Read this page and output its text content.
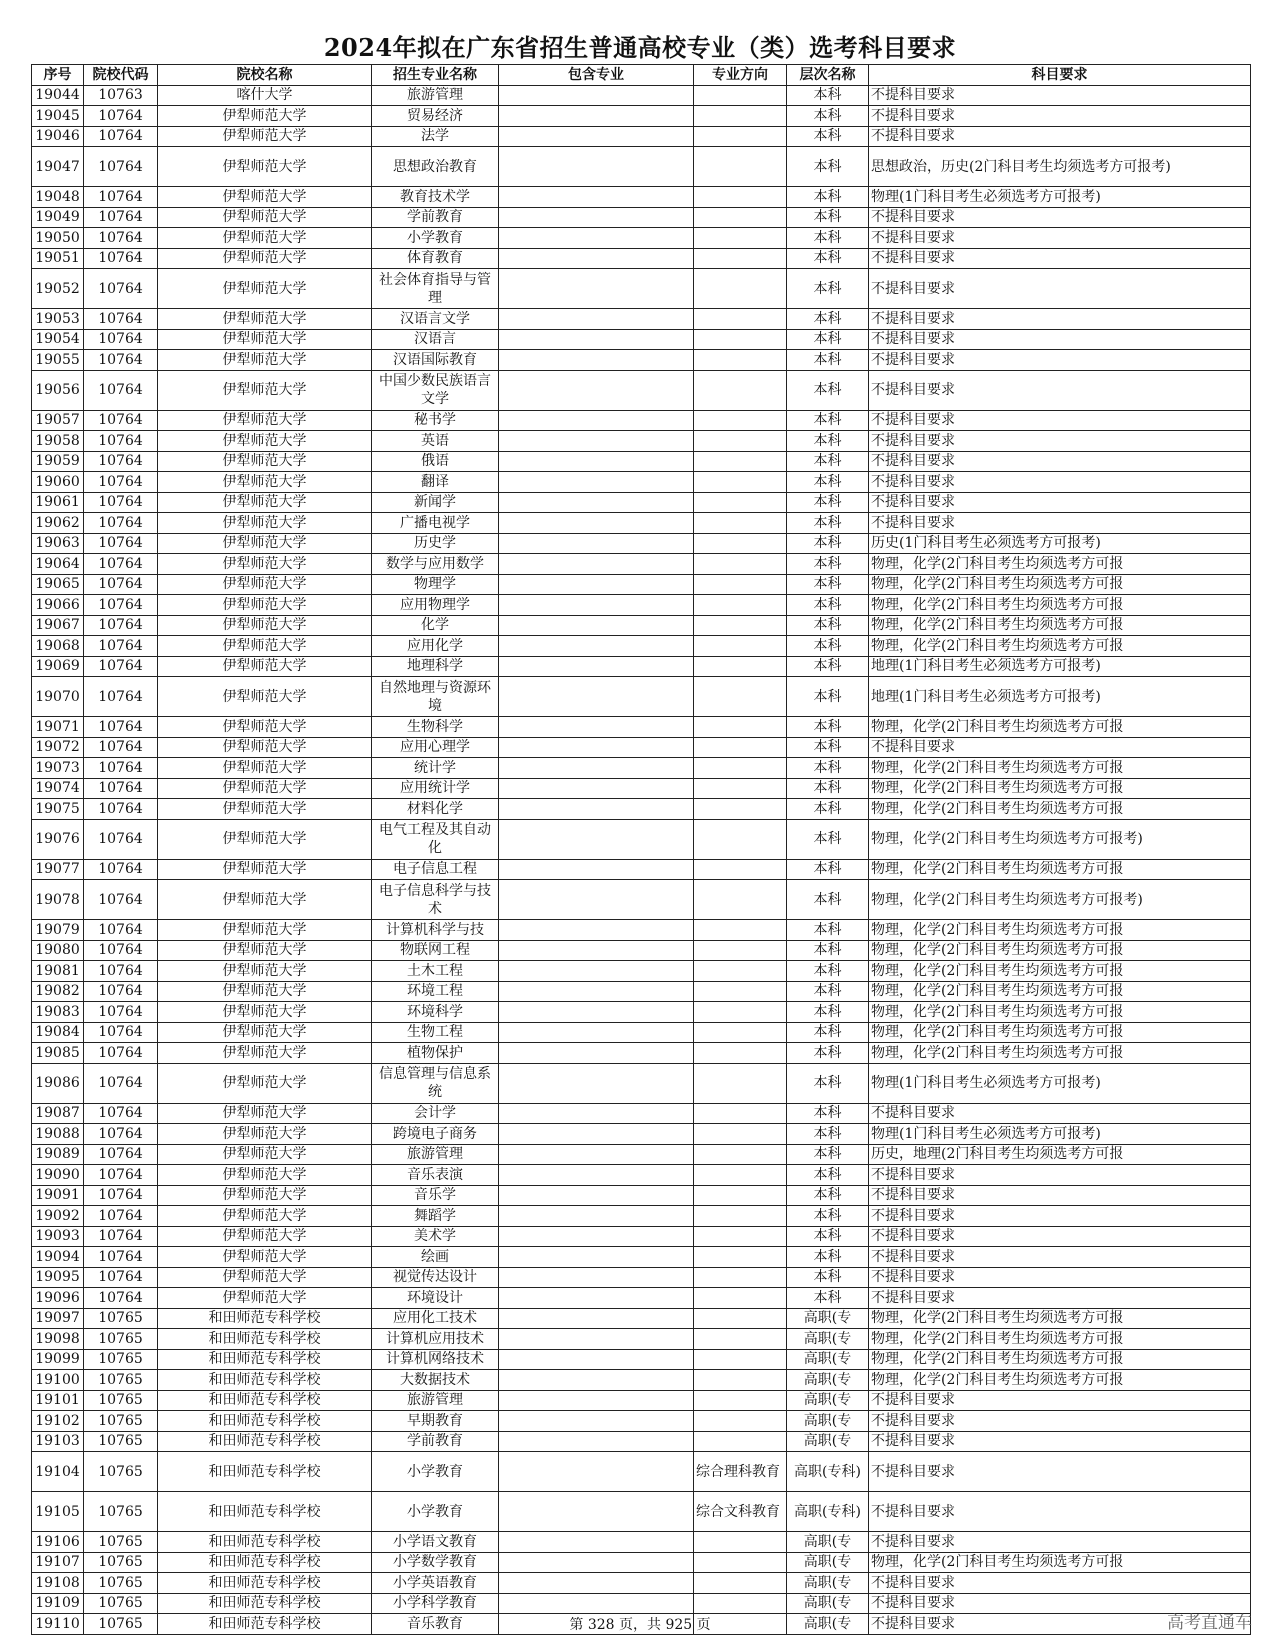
2024年拟在广东省招生普通高校专业（类）选考科目要求
序号	院校代码	院校名称	招生专业名称	包含专业	专业方向	层次名称	科目要求
19044	10763	喀什大学	旅游管理			本科	不提科目要求
19045	10764	伊犁师范大学	贸易经济			本科	不提科目要求
19046	10764	伊犁师范大学	法学			本科	不提科目要求
19047	10764	伊犁师范大学	思想政治教育			本科	思想政治，历史(2门科目考生均须选考方可报考)
19048	10764	伊犁师范大学	教育技术学			本科	物理(1门科目考生必须选考方可报考)
19049	10764	伊犁师范大学	学前教育			本科	不提科目要求
19050	10764	伊犁师范大学	小学教育			本科	不提科目要求
19051	10764	伊犁师范大学	体育教育			本科	不提科目要求
19052	10764	伊犁师范大学	社会体育指导与管理			本科	不提科目要求
19053	10764	伊犁师范大学	汉语言文学			本科	不提科目要求
19054	10764	伊犁师范大学	汉语言			本科	不提科目要求
19055	10764	伊犁师范大学	汉语国际教育			本科	不提科目要求
19056	10764	伊犁师范大学	中国少数民族语言文学			本科	不提科目要求
19057	10764	伊犁师范大学	秘书学			本科	不提科目要求
19058	10764	伊犁师范大学	英语			本科	不提科目要求
19059	10764	伊犁师范大学	俄语			本科	不提科目要求
19060	10764	伊犁师范大学	翻译			本科	不提科目要求
19061	10764	伊犁师范大学	新闻学			本科	不提科目要求
19062	10764	伊犁师范大学	广播电视学			本科	不提科目要求
19063	10764	伊犁师范大学	历史学			本科	历史(1门科目考生必须选考方可报考)
19064	10764	伊犁师范大学	数学与应用数学			本科	物理，化学(2门科目考生均须选考方可报
19065	10764	伊犁师范大学	物理学			本科	物理，化学(2门科目考生均须选考方可报
19066	10764	伊犁师范大学	应用物理学			本科	物理，化学(2门科目考生均须选考方可报
19067	10764	伊犁师范大学	化学			本科	物理，化学(2门科目考生均须选考方可报
19068	10764	伊犁师范大学	应用化学			本科	物理，化学(2门科目考生均须选考方可报
19069	10764	伊犁师范大学	地理科学			本科	地理(1门科目考生必须选考方可报考)
19070	10764	伊犁师范大学	自然地理与资源环境			本科	地理(1门科目考生必须选考方可报考)
19071	10764	伊犁师范大学	生物科学			本科	物理，化学(2门科目考生均须选考方可报
19072	10764	伊犁师范大学	应用心理学			本科	不提科目要求
19073	10764	伊犁师范大学	统计学			本科	物理，化学(2门科目考生均须选考方可报
19074	10764	伊犁师范大学	应用统计学			本科	物理，化学(2门科目考生均须选考方可报
19075	10764	伊犁师范大学	材料化学			本科	物理，化学(2门科目考生均须选考方可报
19076	10764	伊犁师范大学	电气工程及其自动化			本科	物理，化学(2门科目考生均须选考方可报考)
19077	10764	伊犁师范大学	电子信息工程			本科	物理，化学(2门科目考生均须选考方可报
19078	10764	伊犁师范大学	电子信息科学与技术			本科	物理，化学(2门科目考生均须选考方可报考)
19079	10764	伊犁师范大学	计算机科学与技			本科	物理，化学(2门科目考生均须选考方可报
19080	10764	伊犁师范大学	物联网工程			本科	物理，化学(2门科目考生均须选考方可报
19081	10764	伊犁师范大学	土木工程			本科	物理，化学(2门科目考生均须选考方可报
19082	10764	伊犁师范大学	环境工程			本科	物理，化学(2门科目考生均须选考方可报
19083	10764	伊犁师范大学	环境科学			本科	物理，化学(2门科目考生均须选考方可报
19084	10764	伊犁师范大学	生物工程			本科	物理，化学(2门科目考生均须选考方可报
19085	10764	伊犁师范大学	植物保护			本科	物理，化学(2门科目考生均须选考方可报
19086	10764	伊犁师范大学	信息管理与信息系统			本科	物理(1门科目考生必须选考方可报考)
19087	10764	伊犁师范大学	会计学			本科	不提科目要求
19088	10764	伊犁师范大学	跨境电子商务			本科	物理(1门科目考生必须选考方可报考)
19089	10764	伊犁师范大学	旅游管理			本科	历史，地理(2门科目考生均须选考方可报
19090	10764	伊犁师范大学	音乐表演			本科	不提科目要求
19091	10764	伊犁师范大学	音乐学			本科	不提科目要求
19092	10764	伊犁师范大学	舞蹈学			本科	不提科目要求
19093	10764	伊犁师范大学	美术学			本科	不提科目要求
19094	10764	伊犁师范大学	绘画			本科	不提科目要求
19095	10764	伊犁师范大学	视觉传达设计			本科	不提科目要求
19096	10764	伊犁师范大学	环境设计			本科	不提科目要求
19097	10765	和田师范专科学校	应用化工技术			高职(专	物理，化学(2门科目考生均须选考方可报
19098	10765	和田师范专科学校	计算机应用技术			高职(专	物理，化学(2门科目考生均须选考方可报
19099	10765	和田师范专科学校	计算机网络技术			高职(专	物理，化学(2门科目考生均须选考方可报
19100	10765	和田师范专科学校	大数据技术			高职(专	物理，化学(2门科目考生均须选考方可报
19101	10765	和田师范专科学校	旅游管理			高职(专	不提科目要求
19102	10765	和田师范专科学校	早期教育			高职(专	不提科目要求
19103	10765	和田师范专科学校	学前教育			高职(专	不提科目要求
19104	10765	和田师范专科学校	小学教育		综合理科教育	高职(专科)	不提科目要求
19105	10765	和田师范专科学校	小学教育		综合文科教育	高职(专科)	不提科目要求
19106	10765	和田师范专科学校	小学语文教育			高职(专	不提科目要求
19107	10765	和田师范专科学校	小学数学教育			高职(专	物理，化学(2门科目考生均须选考方可报
19108	10765	和田师范专科学校	小学英语教育			高职(专	不提科目要求
19109	10765	和田师范专科学校	小学科学教育			高职(专	不提科目要求
19110	10765	和田师范专科学校	音乐教育			高职(专	不提科目要求
第 328 页，共 925 页	高考直通车
